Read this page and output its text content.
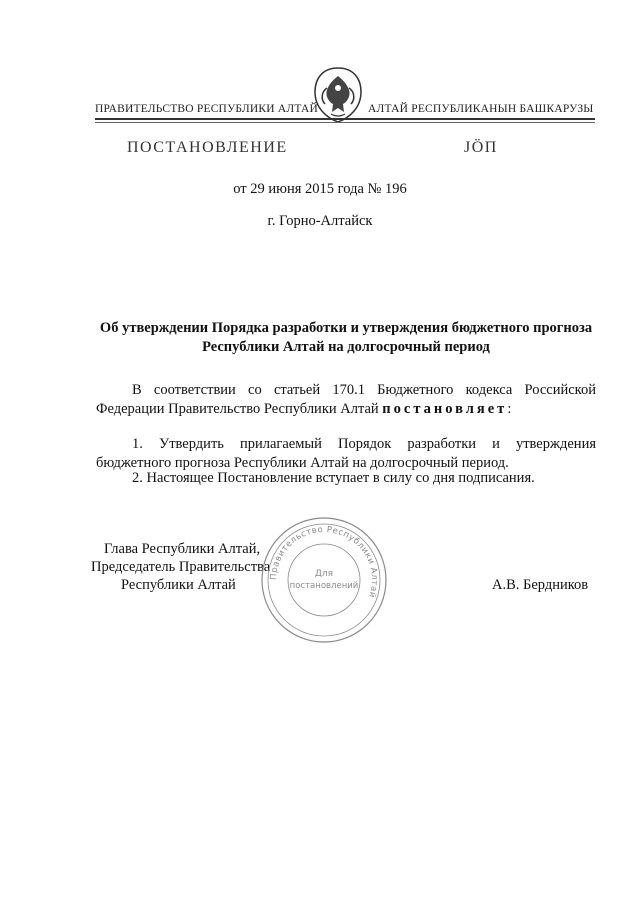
ПРАВИТЕЛЬСТВО РЕСПУБЛИКИ АЛТАЙ	АЛТАЙ РЕСПУБЛИКАНЫН БАШКАРУЗЫ
ПОСТАНОВЛЕНИЕ	ЈӦП
от 29 июня 2015 года № 196
г. Горно-Алтайск
Об утверждении Порядка разработки и утверждения бюджетного прогноза Республики Алтай на долгосрочный период
В соответствии со статьей 170.1 Бюджетного кодекса Российской Федерации Правительство Республики Алтай постановляет:
1. Утвердить прилагаемый Порядок разработки и утверждения бюджетного прогноза Республики Алтай на долгосрочный период.
2. Настоящее Постановление вступает в силу со дня подписания.
Глава Республики Алтай,
Председатель Правительства
Республики Алтай	А.В. Бердников
Правительство Республики Алтай
Для
постановлений
